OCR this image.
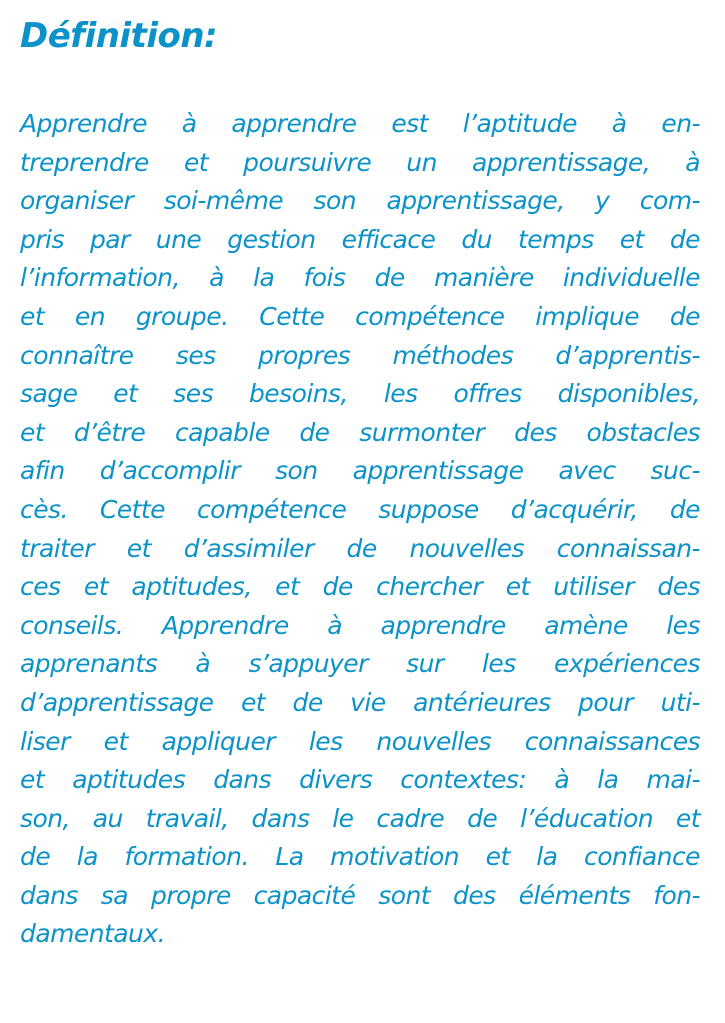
Définition:
Apprendre à apprendre est l’aptitude à en-
treprendre et poursuivre un apprentissage, à
organiser soi-même son apprentissage, y com-
pris par une gestion efficace du temps et de
l’information, à la fois de manière individuelle
et en groupe. Cette compétence implique de
connaître ses propres méthodes d’apprentis-
sage et ses besoins, les offres disponibles,
et d’être capable de surmonter des obstacles
afin d’accomplir son apprentissage avec suc-
cès. Cette compétence suppose d’acquérir, de
traiter et d’assimiler de nouvelles connaissan-
ces et aptitudes, et de chercher et utiliser des
conseils. Apprendre à apprendre amène les
apprenants à s’appuyer sur les expériences
d’apprentissage et de vie antérieures pour uti-
liser et appliquer les nouvelles connaissances
et aptitudes dans divers contextes: à la mai-
son, au travail, dans le cadre de l’éducation et
de la formation. La motivation et la confiance
dans sa propre capacité sont des éléments fon-
damentaux.
